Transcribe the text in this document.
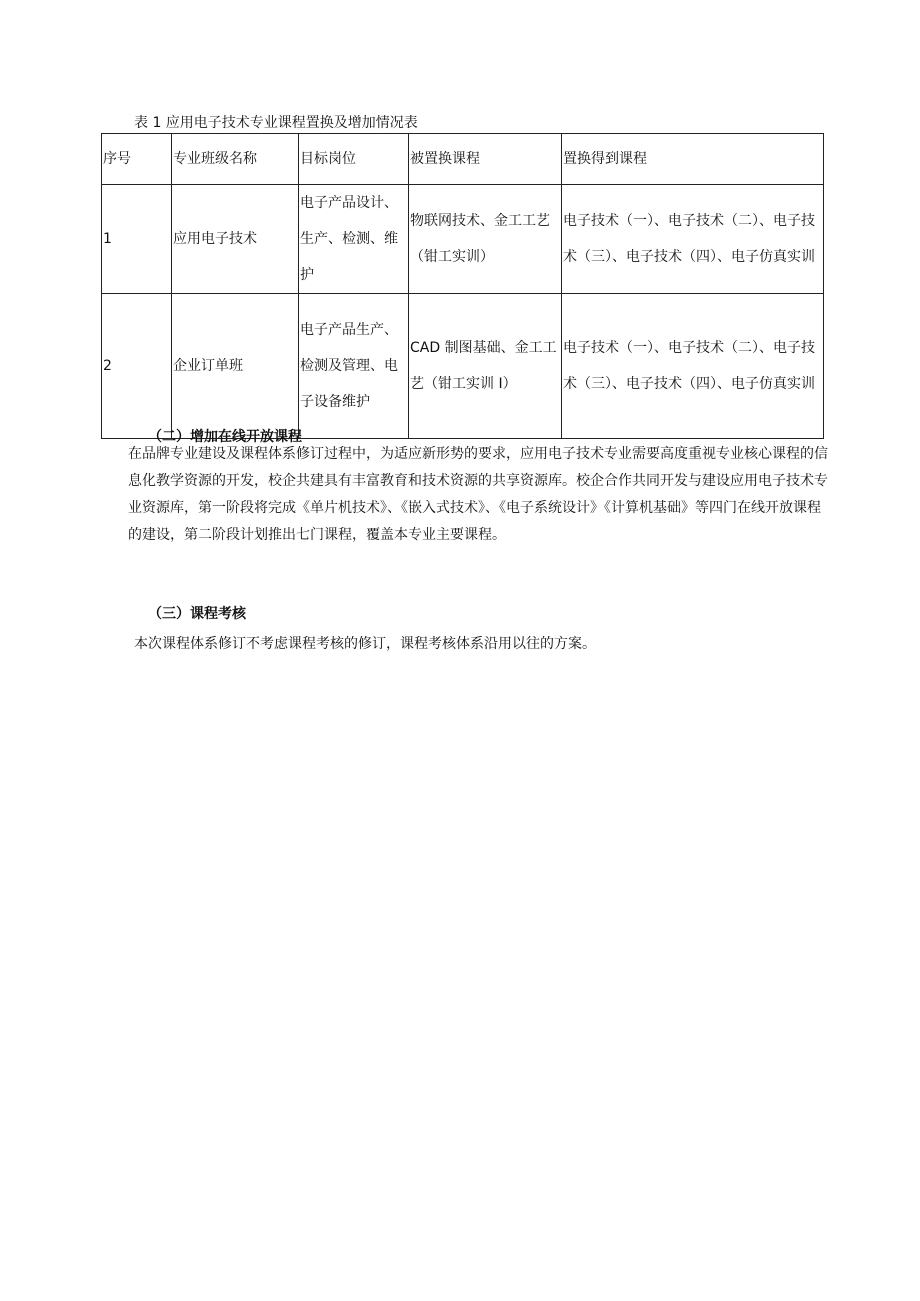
表 1 应用电子技术专业课程置换及增加情况表
序号	专业班级名称	目标岗位	被置换课程	置换得到课程
1	应用电子技术	电子产品设计、生产、检测、维护	物联网技术、金工工艺（钳工实训）	电子技术（一）、电子技术（二）、电子技术（三）、电子技术（四）、电子仿真实训
2	企业订单班	电子产品生产、检测及管理、电子设备维护	CAD 制图基础、金工工艺（钳工实训 I）	电子技术（一）、电子技术（二）、电子技术（三）、电子技术（四）、电子仿真实训
（二）增加在线开放课程

在品牌专业建设及课程体系修订过程中，为适应新形势的要求，应用电子技术专业需要高度重视专业核心课程的信息化教学资源的开发，校企共建具有丰富教育和技术资源的共享资源库。校企合作共同开发与建设应用电子技术专业资源库，第一阶段将完成《单片机技术》、《嵌入式技术》、《电子系统设计》《计算机基础》等四门在线开放课程的建设，第二阶段计划推出七门课程，覆盖本专业主要课程。

（三）课程考核

本次课程体系修订不考虑课程考核的修订，课程考核体系沿用以往的方案。
